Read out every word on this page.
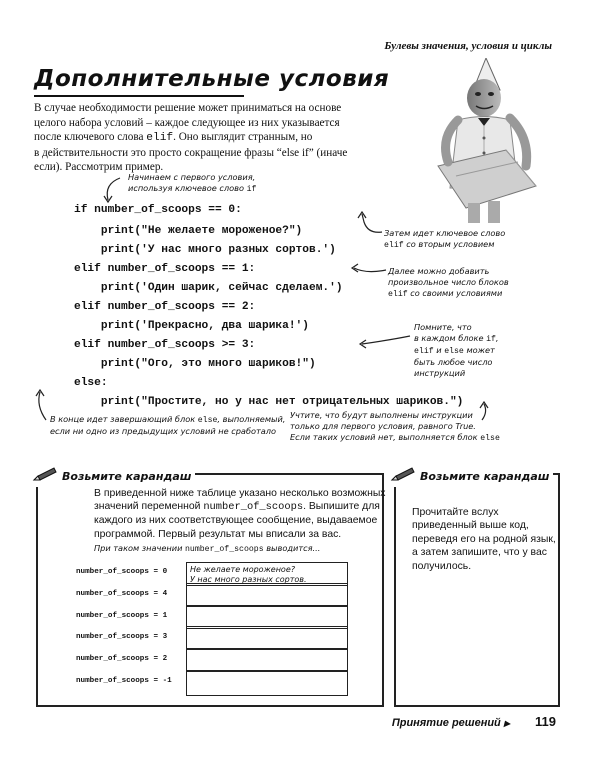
Булевы значения, условия и циклы
Дополнительные условия
В случае необходимости решение может приниматься на основе
целого набора условий – каждое следующее из них указывается
после ключевого слова elif. Оно выглядит странным, но
в действительности это просто сокращение фразы “else if” (иначе
если). Рассмотрим пример.
if number_of_scoops == 0:
print("Не желаете мороженое?")
print('У нас много разных сортов.')
elif number_of_scoops == 1:
print('Один шарик, сейчас сделаем.')
elif number_of_scoops == 2:
print('Прекрасно, два шарика!')
elif number_of_scoops >= 3:
print("Ого, это много шариков!")
else:
print("Простите, но у нас нет отрицательных шариков.")
Начинаем с первого условия,
используя ключевое слово if
Затем идет ключевое слово
elif со вторым условием
Далее можно добавить
произвольное число блоков
elif со своими условиями
Помните, что
в каждом блоке if,
elif и else может
быть любое число
инструкций
В конце идет завершающий блок else, выполняемый,
если ни одно из предыдущих условий не сработало
Учтите, что будут выполнены инструкции
только для первого условия, равного True.
Если таких условий нет, выполняется блок else
Возьмите карандаш
В приведенной ниже таблице указано несколько возможных
значений переменной number_of_scoops. Выпишите для
каждого из них соответствующее сообщение, выдаваемое
программой. Первый результат мы вписали за вас.
При таком значении number_of_scoops выводится...
number_of_scoops = 0	Не желаете мороженое?
У нас много разных сортов.
number_of_scoops = 4
number_of_scoops = 1
number_of_scoops = 3
number_of_scoops = 2
number_of_scoops = -1
Возьмите карандаш
Прочитайте вслух
приведенный выше код,
переведя его на родной язык,
а затем запишите, что у вас
получилось.
Принятие решений ▶ 119
